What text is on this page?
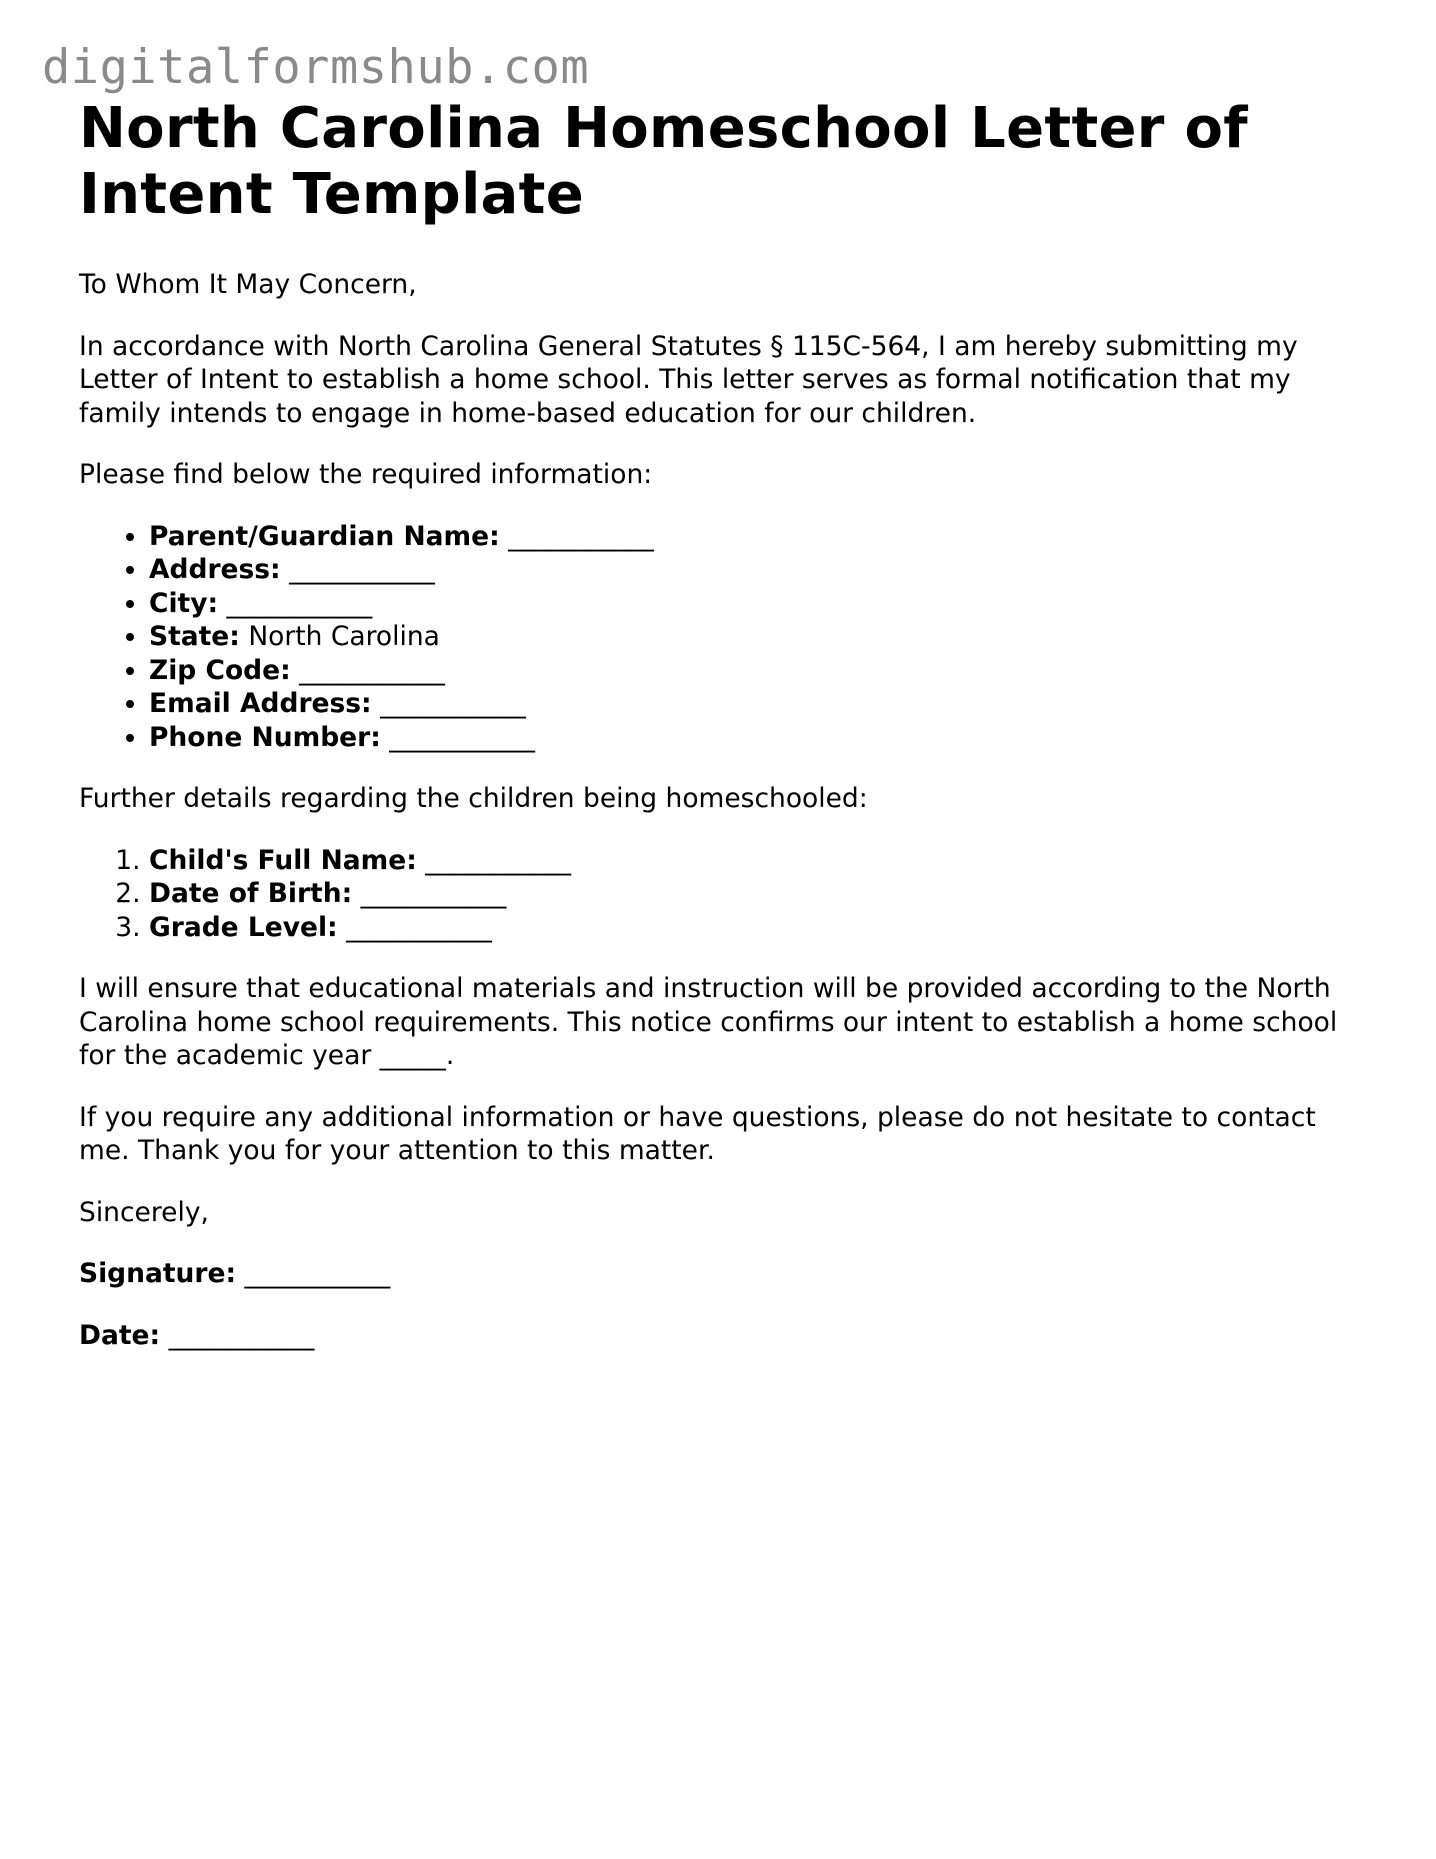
digitalformshub.com
North Carolina Homeschool Letter of Intent Template

To Whom It May Concern,

In accordance with North Carolina General Statutes § 115C-564, I am hereby submitting my Letter of Intent to establish a home school. This letter serves as formal notification that my family intends to engage in home-based education for our children.

Please find below the required information:

• Parent/Guardian Name: ___________
• Address: ___________
• City: ___________
• State: North Carolina
• Zip Code: ___________
• Email Address: ___________
• Phone Number: ___________

Further details regarding the children being homeschooled:

1. Child's Full Name: ___________
2. Date of Birth: ___________
3. Grade Level: ___________

I will ensure that educational materials and instruction will be provided according to the North Carolina home school requirements. This notice confirms our intent to establish a home school for the academic year _____.

If you require any additional information or have questions, please do not hesitate to contact me. Thank you for your attention to this matter.

Sincerely,

Signature: ___________

Date: ___________
